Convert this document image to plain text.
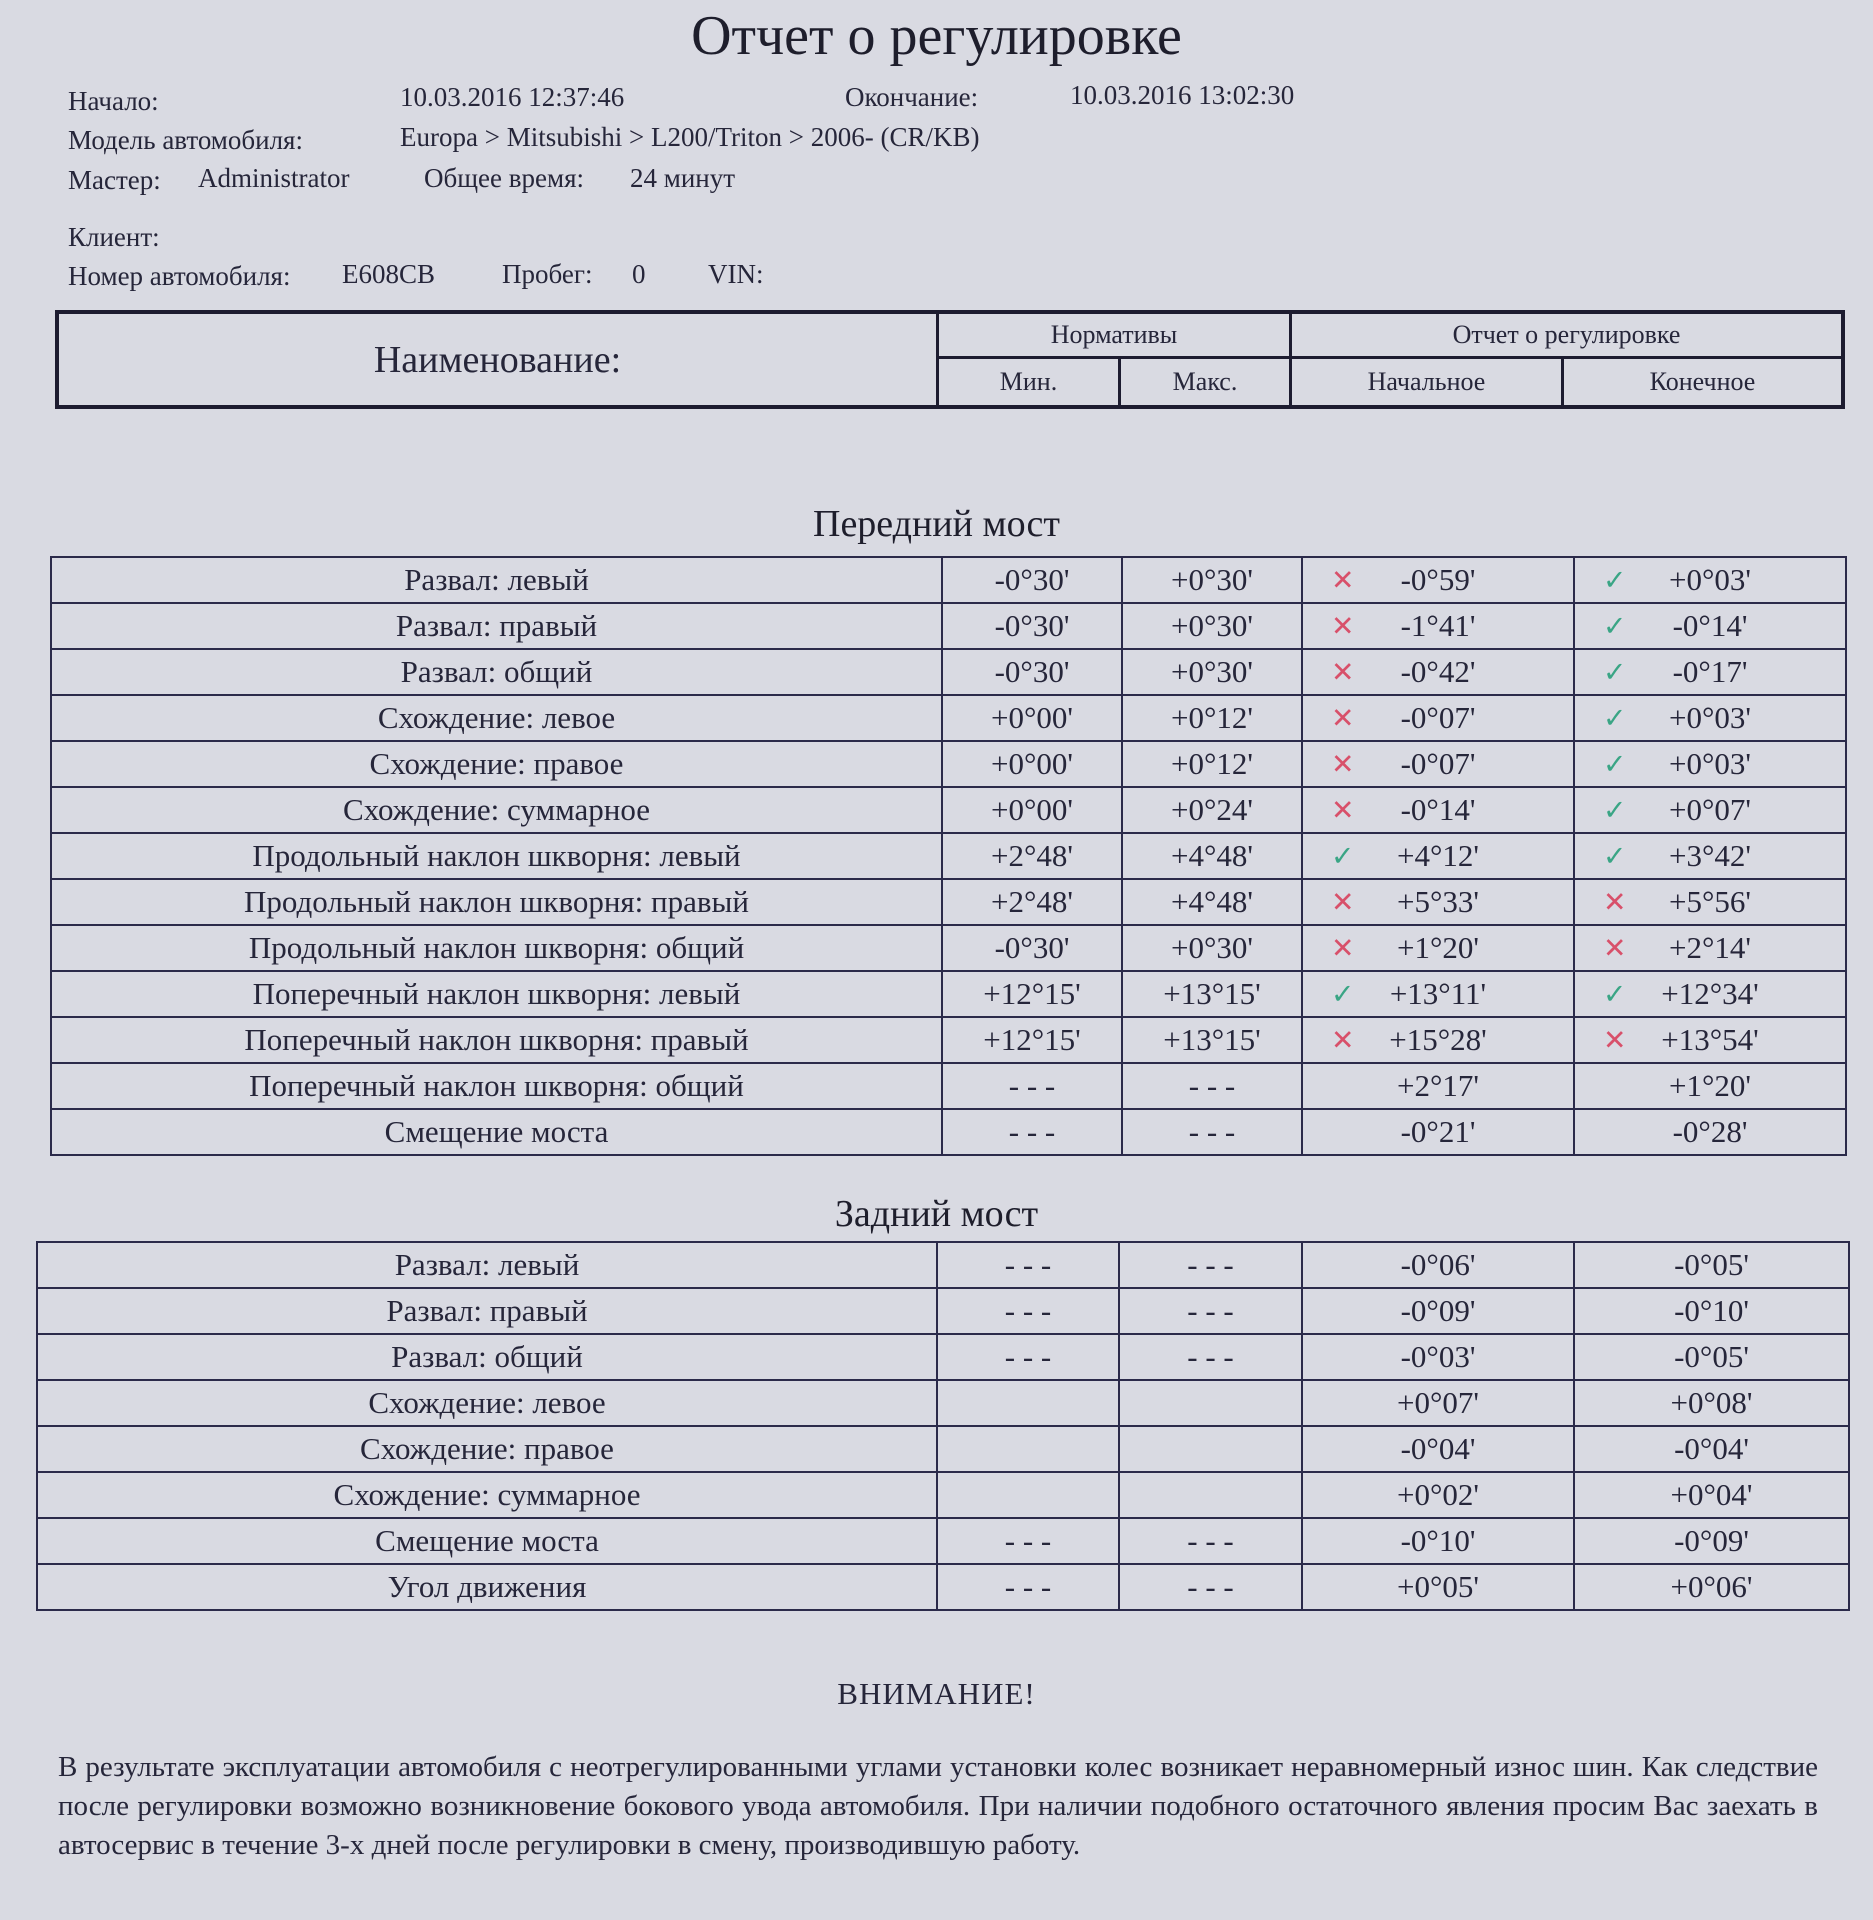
Отчет о регулировке
Начало:	10.03.2016 12:37:46	Окончание:	10.03.2016 13:02:30
Модель автомобиля:	Europa > Mitsubishi > L200/Triton > 2006- (CR/KB)
Мастер: Administrator	Общее время: 24 минут
Клиент:
Номер автомобиля: E608CB Пробег: 0 VIN:
Наименование:
Нормативы
Мин.	Макс.
Отчет о регулировке
Начальное	Конечное
Передний мост
Развал: левый	-0°30'	+0°30'	✕ -0°59'	✓ +0°03'
Развал: правый	-0°30'	+0°30'	✕ -1°41'	✓ -0°14'
Развал: общий	-0°30'	+0°30'	✕ -0°42'	✓ -0°17'
Схождение: левое	+0°00'	+0°12'	✕ -0°07'	✓ +0°03'
Схождение: правое	+0°00'	+0°12'	✕ -0°07'	✓ +0°03'
Схождение: суммарное	+0°00'	+0°24'	✕ -0°14'	✓ +0°07'
Продольный наклон шкворня: левый	+2°48'	+4°48'	✓ +4°12'	✓ +3°42'
Продольный наклон шкворня: правый	+2°48'	+4°48'	✕ +5°33'	✕ +5°56'
Продольный наклон шкворня: общий	-0°30'	+0°30'	✕ +1°20'	✕ +2°14'
Поперечный наклон шкворня: левый	+12°15'	+13°15'	✓ +13°11'	✓ +12°34'
Поперечный наклон шкворня: правый	+12°15'	+13°15'	✕ +15°28'	✕ +13°54'
Поперечный наклон шкворня: общий	- - -	- - -	+2°17'	+1°20'
Смещение моста	- - -	- - -	-0°21'	-0°28'
Задний мост
Развал: левый	- - -	- - -	-0°06'	-0°05'
Развал: правый	- - -	- - -	-0°09'	-0°10'
Развал: общий	- - -	- - -	-0°03'	-0°05'
Схождение: левое			+0°07'	+0°08'
Схождение: правое			-0°04'	-0°04'
Схождение: суммарное			+0°02'	+0°04'
Смещение моста	- - -	- - -	-0°10'	-0°09'
Угол движения	- - -	- - -	+0°05'	+0°06'
ВНИМАНИЕ!
В результате эксплуатации автомобиля с неотрегулированными углами установки колес возникает неравномерный износ шин. Как следствие после регулировки возможно возникновение бокового увода автомобиля. При наличии подобного остаточного явления просим Вас заехать в автосервис в течение 3-х дней после регулировки в смену, производившую работу.
